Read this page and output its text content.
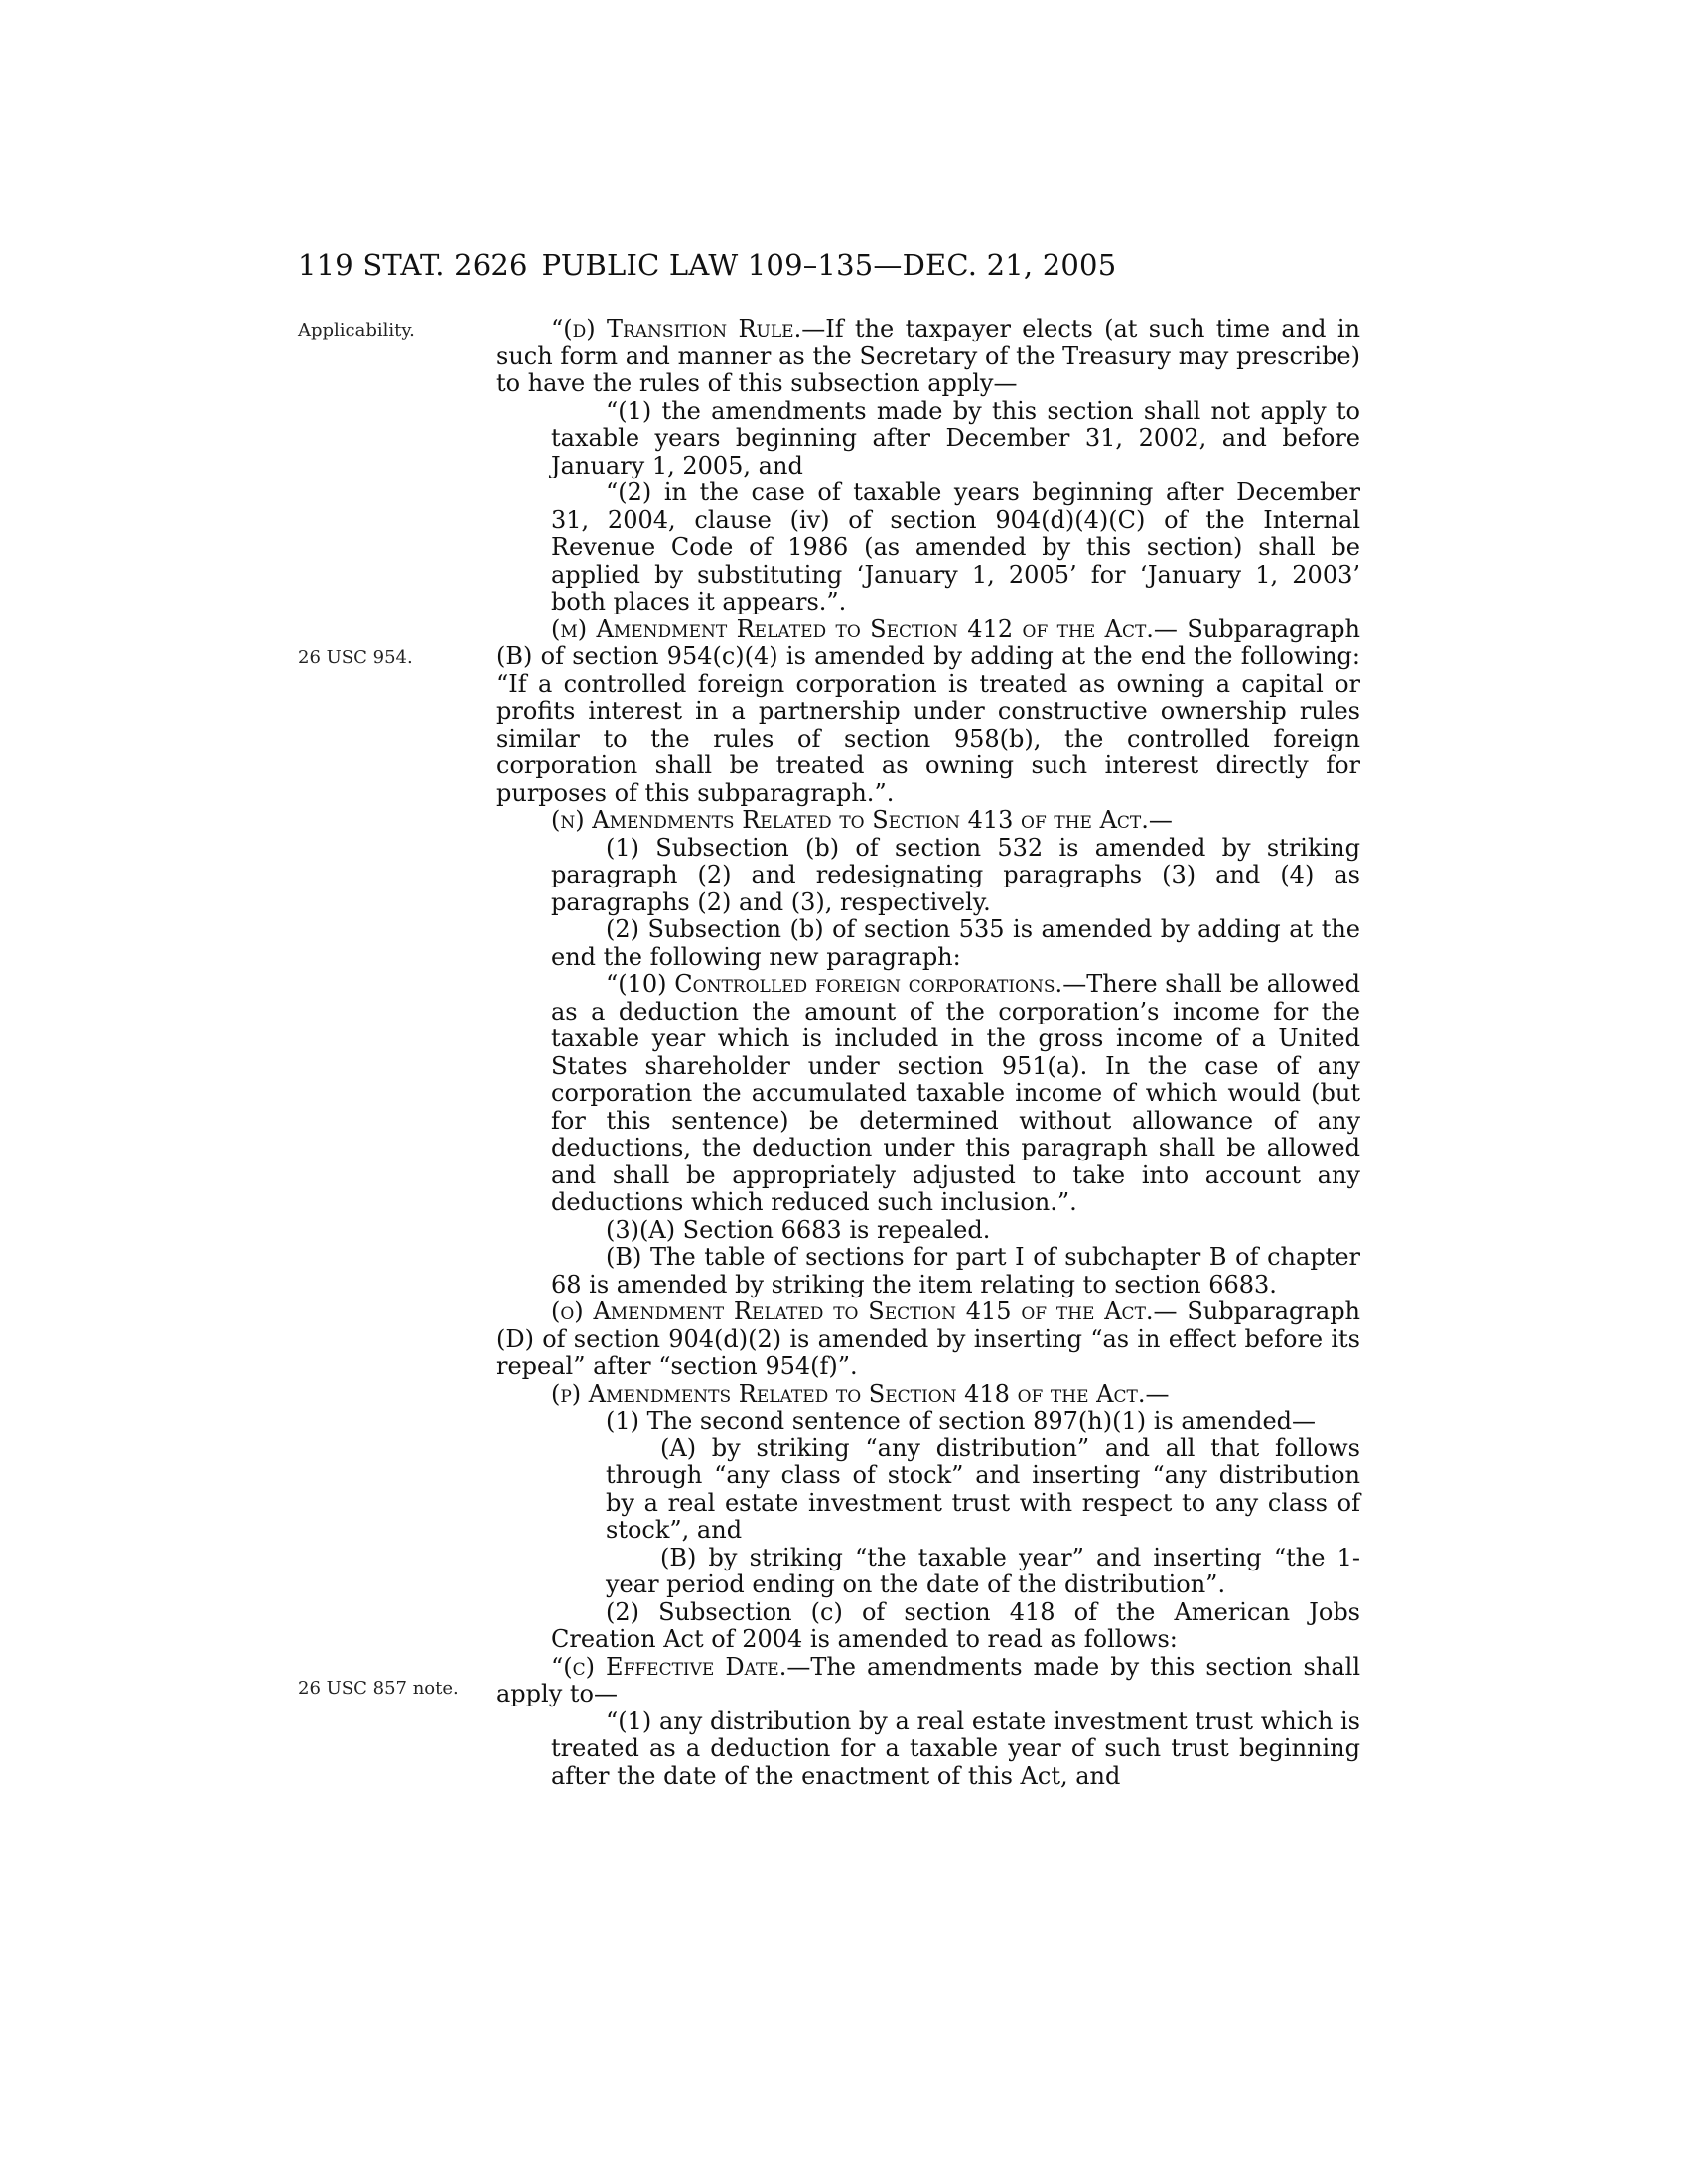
119 STAT. 2626 PUBLIC LAW 109–135—DEC. 21, 2005
Applicability.
26 USC 954.
26 USC 857 note.

“(d) Transition Rule.—If the taxpayer elects (at such time and in such form and manner as the Secretary of the Treasury may prescribe) to have the rules of this subsection apply—

“(1) the amendments made by this section shall not apply to taxable years beginning after December 31, 2002, and before January 1, 2005, and

“(2) in the case of taxable years beginning after December 31, 2004, clause (iv) of section 904(d)(4)(C) of the Internal Revenue Code of 1986 (as amended by this section) shall be applied by substituting ‘January 1, 2005’ for ‘January 1, 2003’ both places it appears.”.

(m) Amendment Related to Section 412 of the Act.— Subparagraph (B) of section 954(c)(4) is amended by adding at the end the following: “If a controlled foreign corporation is treated as owning a capital or profits interest in a partnership under constructive ownership rules similar to the rules of section 958(b), the controlled foreign corporation shall be treated as owning such interest directly for purposes of this subparagraph.”.

(n) Amendments Related to Section 413 of the Act.—

(1) Subsection (b) of section 532 is amended by striking paragraph (2) and redesignating paragraphs (3) and (4) as paragraphs (2) and (3), respectively.

(2) Subsection (b) of section 535 is amended by adding at the end the following new paragraph:

“(10) Controlled foreign corporations.—There shall be allowed as a deduction the amount of the corporation’s income for the taxable year which is included in the gross income of a United States shareholder under section 951(a). In the case of any corporation the accumulated taxable income of which would (but for this sentence) be determined without allowance of any deductions, the deduction under this paragraph shall be allowed and shall be appropriately adjusted to take into account any deductions which reduced such inclusion.”.

(3)(A) Section 6683 is repealed.

(B) The table of sections for part I of subchapter B of chapter 68 is amended by striking the item relating to section 6683.

(o) Amendment Related to Section 415 of the Act.— Subparagraph (D) of section 904(d)(2) is amended by inserting “as in effect before its repeal” after “section 954(f)”.

(p) Amendments Related to Section 418 of the Act.—

(1) The second sentence of section 897(h)(1) is amended—

(A) by striking “any distribution” and all that follows through “any class of stock” and inserting “any distribution by a real estate investment trust with respect to any class of stock”, and

(B) by striking “the taxable year” and inserting “the 1-year period ending on the date of the distribution”.

(2) Subsection (c) of section 418 of the American Jobs Creation Act of 2004 is amended to read as follows:

“(c) Effective Date.—The amendments made by this section shall apply to—

“(1) any distribution by a real estate investment trust which is treated as a deduction for a taxable year of such trust beginning after the date of the enactment of this Act, and
